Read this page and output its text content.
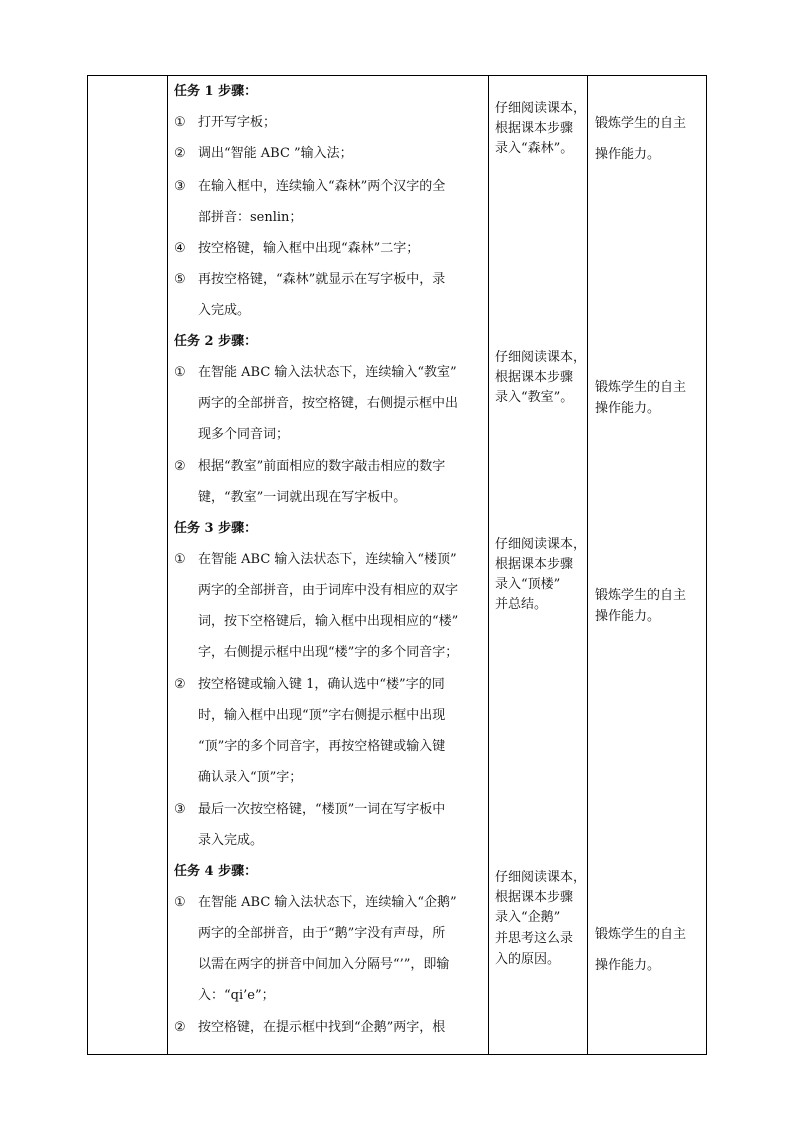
任务 1 步骤：
① 打开写字板；
② 调出“智能 ABC ”输入法；
③ 在输入框中，连续输入“森林”两个汉字的全
部拼音：senlin；
④ 按空格键，输入框中出现“森林”二字；
⑤ 再按空格键，“森林”就显示在写字板中，录
入完成。
任务 2 步骤：
① 在智能 ABC 输入法状态下，连续输入“教室”
两字的全部拼音，按空格键，右侧提示框中出
现多个同音词；
② 根据“教室”前面相应的数字敲击相应的数字
键，“教室”一词就出现在写字板中。
任务 3 步骤：
① 在智能 ABC 输入法状态下，连续输入“楼顶”
两字的全部拼音，由于词库中没有相应的双字
词，按下空格键后，输入框中出现相应的“楼”
字，右侧提示框中出现“楼”字的多个同音字；
② 按空格键或输入键 1，确认选中“楼”字的同
时，输入框中出现“顶”字右侧提示框中出现
“顶”字的多个同音字，再按空格键或输入键
确认录入“顶”字；
③ 最后一次按空格键，“楼顶”一词在写字板中
录入完成。
任务 4 步骤：
① 在智能 ABC 输入法状态下，连续输入“企鹅”
两字的全部拼音，由于“鹅”字没有声母，所
以需在两字的拼音中间加入分隔号“’”，即输
入：“qi’e”；
② 按空格键，在提示框中找到“企鹅”两字，根
仔细阅读课本，
根据课本步骤
录入“森林”。
仔细阅读课本，
根据课本步骤
录入“教室”。
仔细阅读课本，
根据课本步骤
录入“顶楼”
并总结。
仔细阅读课本，
根据课本步骤
录入“企鹅”
并思考这么录
入的原因。
锻炼学生的自主
操作能力。
锻炼学生的自主
操作能力。
锻炼学生的自主
操作能力。
锻炼学生的自主
操作能力。
